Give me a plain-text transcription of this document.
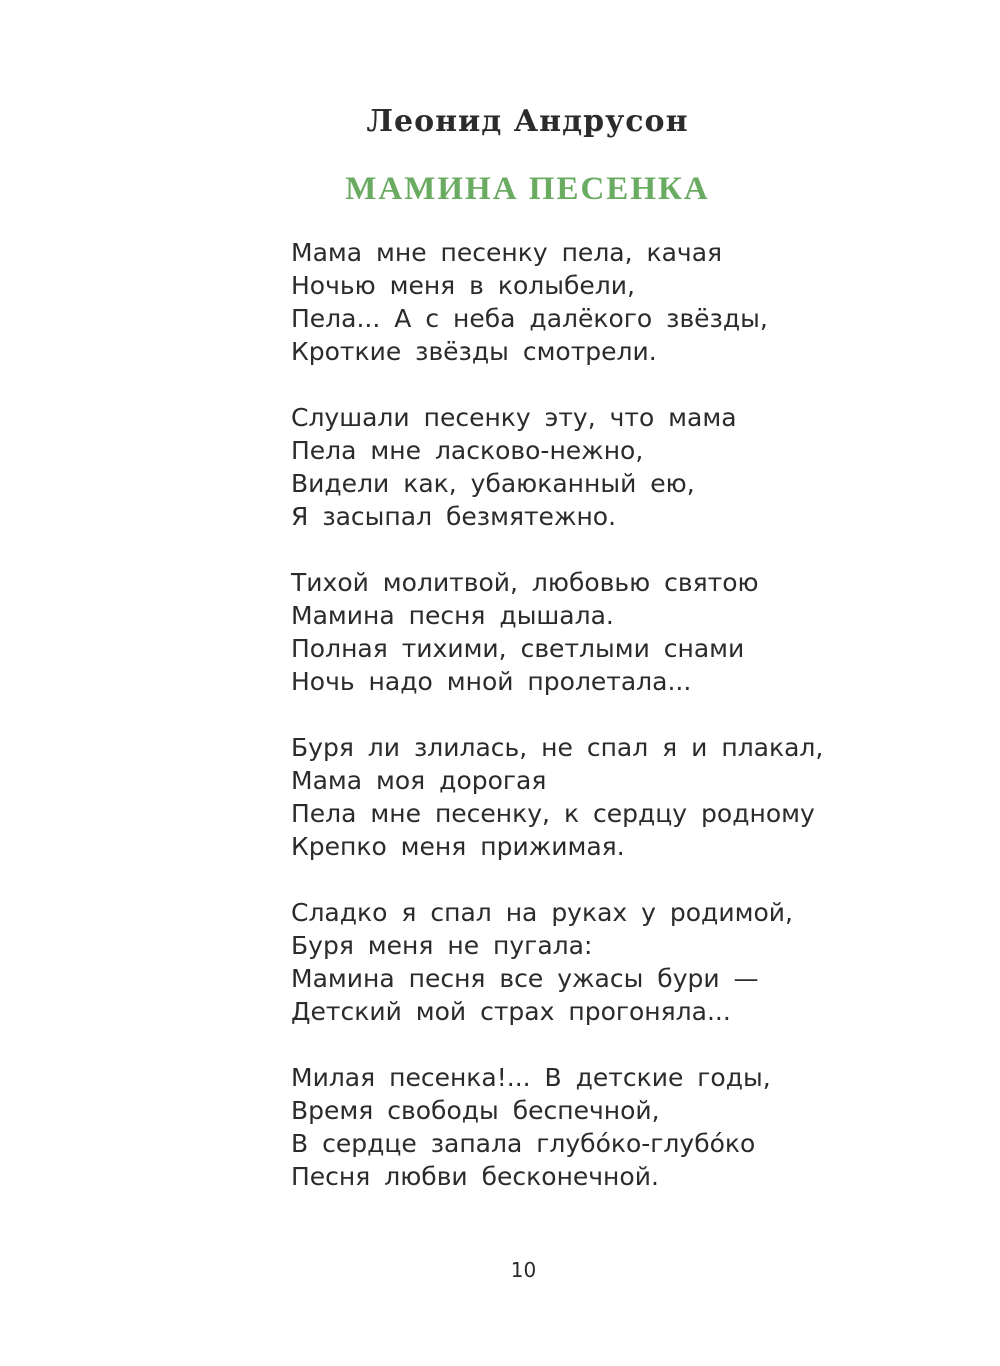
Леонид Андрусон
МАМИНА ПЕСЕНКА
Мама мне песенку пела, качая
Ночью меня в колыбели,
Пела... А с неба далёкого звёзды,
Кроткие звёзды смотрели.
Слушали песенку эту, что мама
Пела мне ласково-нежно,
Видели как, убаюканный ею,
Я засыпал безмятежно.
Тихой молитвой, любовью святою
Мамина песня дышала.
Полная тихими, светлыми снами
Ночь надо мной пролетала...
Буря ли злилась, не спал я и плакал,
Мама моя дорогая
Пела мне песенку, к сердцу родному
Крепко меня прижимая.
Сладко я спал на руках у родимой,
Буря меня не пугала:
Мамина песня все ужасы бури —
Детский мой страх прогоняла...
Милая песенка!... В детские годы,
Время свободы беспечной,
В сердце запала глубо́ко-глубо́ко
Песня любви бесконечной.
10
